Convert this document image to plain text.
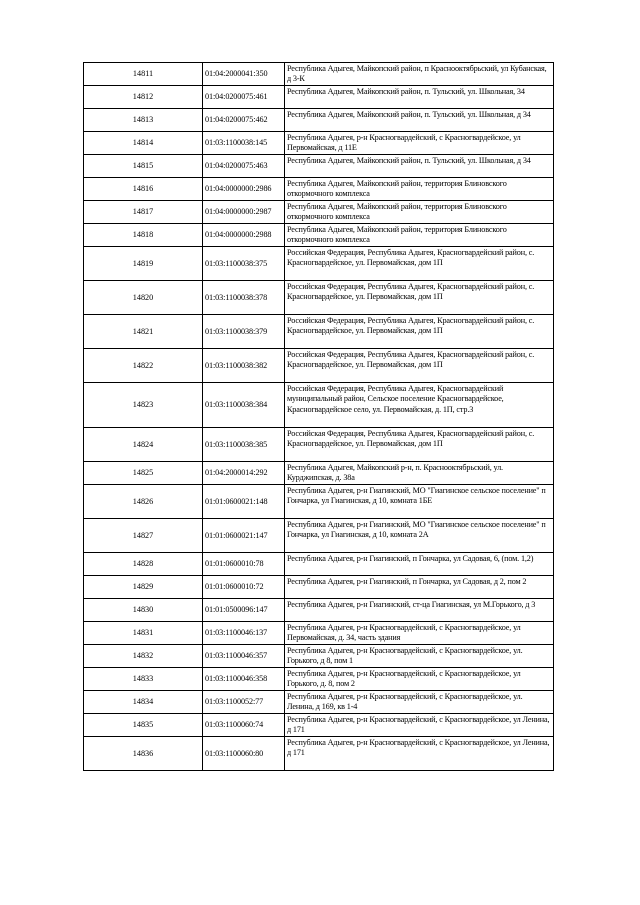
14811	01:04:2000041:350	Республика Адыгея, Майкопский район, п Краснооктябрьский, ул Кубанская, д 3-К
14812	01:04:0200075:461	Республика Адыгея, Майкопский район, п. Тульский, ул. Школьная, 34
14813	01:04:0200075:462	Республика Адыгея, Майкопский район, п. Тульский, ул. Школьная, д 34
14814	01:03:1100038:145	Республика Адыгея, р-н Красногвардейский, с Красногвардейское, ул Первомайская, д 11Е
14815	01:04:0200075:463	Республика Адыгея, Майкопский район, п. Тульский, ул. Школьная, д 34
14816	01:04:0000000:2986	Республика Адыгея, Майкопский район, территория Блиновского откормочного комплекса
14817	01:04:0000000:2987	Республика Адыгея, Майкопский район, территория Блиновского откормочного комплекса
14818	01:04:0000000:2988	Республика Адыгея, Майкопский район, территория Блиновского откормочного комплекса
14819	01:03:1100038:375	Российская Федерация, Республика Адыгея, Красногвардейский район, с. Красногвардейское, ул. Первомайская, дом 1П
14820	01:03:1100038:378	Российская Федерация, Республика Адыгея, Красногвардейский район, с. Красногвардейское, ул. Первомайская, дом 1П
14821	01:03:1100038:379	Российская Федерация, Республика Адыгея, Красногвардейский район, с. Красногвардейское, ул. Первомайская, дом 1П
14822	01:03:1100038:382	Российская Федерация, Республика Адыгея, Красногвардейский район, с. Красногвардейское, ул. Первомайская, дом 1П
14823	01:03:1100038:384	Российская Федерация, Республика Адыгея, Красногвардейский муниципальный район, Сельское поселение Красногвардейское, Красногвардейское село, ул. Первомайская, д. 1П, стр.3
14824	01:03:1100038:385	Российская Федерация, Республика Адыгея, Красногвардейский район, с. Красногвардейское, ул. Первомайская, дом 1П
14825	01:04:2000014:292	Республика Адыгея, Майкопский р-н, п. Краснооктябрьский, ул. Курджипская, д. 38а
14826	01:01:0600021:148	Республика Адыгея, р-н Гиагинский, МО "Гиагинское сельское поселение" п Гончарка, ул Гиагинская, д 10, комната 1БЕ
14827	01:01:0600021:147	Республика Адыгея, р-н Гиагинский, МО "Гиагинское сельское поселение" п Гончарка, ул Гиагинская, д 10, комната 2А
14828	01:01:0600010:78	Республика Адыгея, р-н Гиагинский, п Гончарка, ул Садовая, 6, (пом. 1,2)
14829	01:01:0600010:72	Республика Адыгея, р-н Гиагинский, п Гончарка, ул Садовая, д 2, пом 2
14830	01:01:0500096:147	Республика Адыгея, р-н Гиагинский, ст-ца Гиагинская, ул М.Горького, д 3
14831	01:03:1100046:137	Республика Адыгея, р-н Красногвардейский, с Красногвардейское, ул Первомайская, д. 34, часть здания
14832	01:03:1100046:357	Республика Адыгея, р-н Красногвардейский, с Красногвардейское, ул. Горького, д 8, пом 1
14833	01:03:1100046:358	Республика Адыгея, р-н Красногвардейский, с Красногвардейское, ул Горького, д. 8, пом 2
14834	01:03:1100052:77	Республика Адыгея, р-н Красногвардейский, с Красногвардейское, ул. Ленина, д 169, кв 1-4
14835	01:03:1100060:74	Республика Адыгея, р-н Красногвардейский, с Красногвардейское, ул Ленина, д 171
14836	01:03:1100060:80	Республика Адыгея, р-н Красногвардейский, с Красногвардейское, ул Ленина, д 171
